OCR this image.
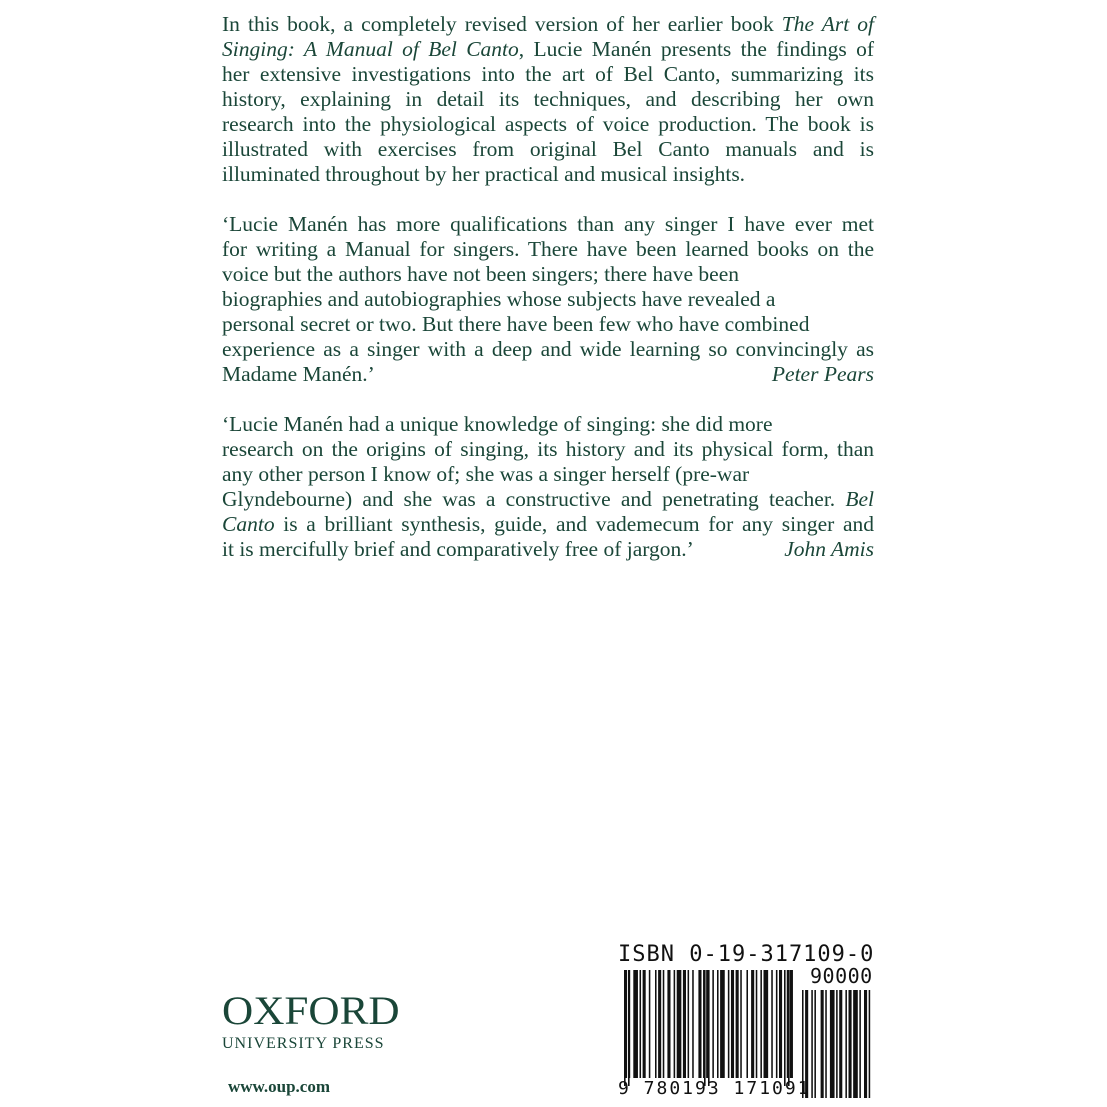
In this book, a completely revised version of her earlier book The Art of
Singing: A Manual of Bel Canto, Lucie Manén presents the findings of
her extensive investigations into the art of Bel Canto, summarizing its
history, explaining in detail its techniques, and describing her own
research into the physiological aspects of voice production. The book is
illustrated with exercises from original Bel Canto manuals and is
illuminated throughout by her practical and musical insights.
‘Lucie Manén has more qualifications than any singer I have ever met
for writing a Manual for singers. There have been learned books on the
voice but the authors have not been singers; there have been
biographies and autobiographies whose subjects have revealed a
personal secret or two. But there have been few who have combined
experience as a singer with a deep and wide learning so convincingly as
Madame Manén.’	Peter Pears
‘Lucie Manén had a unique knowledge of singing: she did more
research on the origins of singing, its history and its physical form, than
any other person I know of; she was a singer herself (pre-war
Glyndebourne) and she was a constructive and penetrating teacher. Bel
Canto is a brilliant synthesis, guide, and vademecum for any singer and
it is mercifully brief and comparatively free of jargon.’	John Amis
OXFORD
UNIVERSITY PRESS
www.oup.com
ISBN 0-19-317109-0
90000
9 780193 171091
